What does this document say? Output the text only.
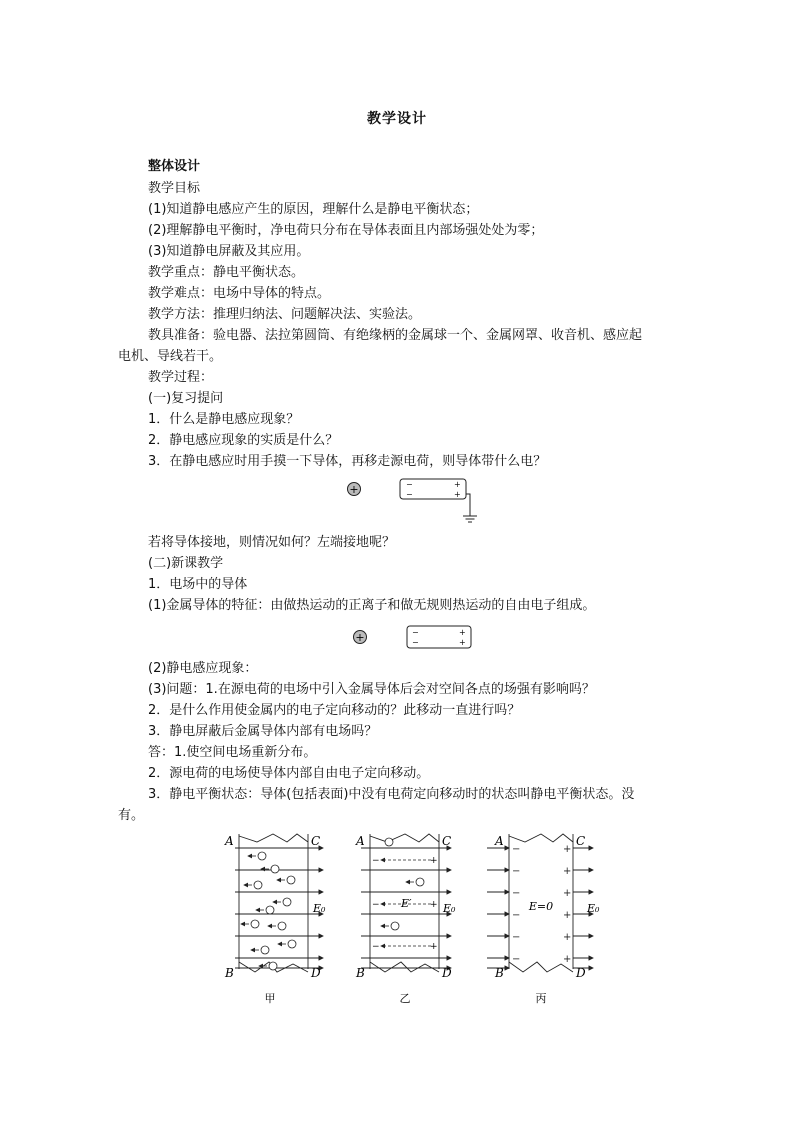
教学设计
整体设计
教学目标
(1)知道静电感应产生的原因，理解什么是静电平衡状态；
(2)理解静电平衡时，净电荷只分布在导体表面且内部场强处处为零；
(3)知道静电屏蔽及其应用。
教学重点：静电平衡状态。
教学难点：电场中导体的特点。
教学方法：推理归纳法、问题解决法、实验法。
教具准备：验电器、法拉第圆筒、有绝缘柄的金属球一个、金属网罩、收音机、感应起
电机、导线若干。
教学过程：
(一)复习提问
1．什么是静电感应现象？
2．静电感应现象的实质是什么？
3．在静电感应时用手摸一下导体，再移走源电荷，则导体带什么电？
+	−
−
+
+
若将导体接地，则情况如何？左端接地呢？
(二)新课教学
1．电场中的导体
(1)金属导体的特征：由做热运动的正离子和做无规则热运动的自由电子组成。
+	−
−
+
+
(2)静电感应现象：
(3)问题：1.在源电荷的电场中引入金属导体后会对空间各点的场强有影响吗？
2．是什么作用使金属内的电子定向移动的？此移动一直进行吗？
3．静电屏蔽后金属导体内部有电场吗？
答：1.使空间电场重新分布。
2．源电荷的电场使导体内部自由电子定向移动。
3．静电平衡状态：导体(包括表面)中没有电荷定向移动时的状态叫静电平衡状态。没
有。
A	C
B	D
E₀
甲
−	+
−	+
−	+
E′
A	C
B	D
E₀
乙
−
−
−
−
−
−
+
+
+
+
+
+
E=0
A	C
B	D
E₀
丙
